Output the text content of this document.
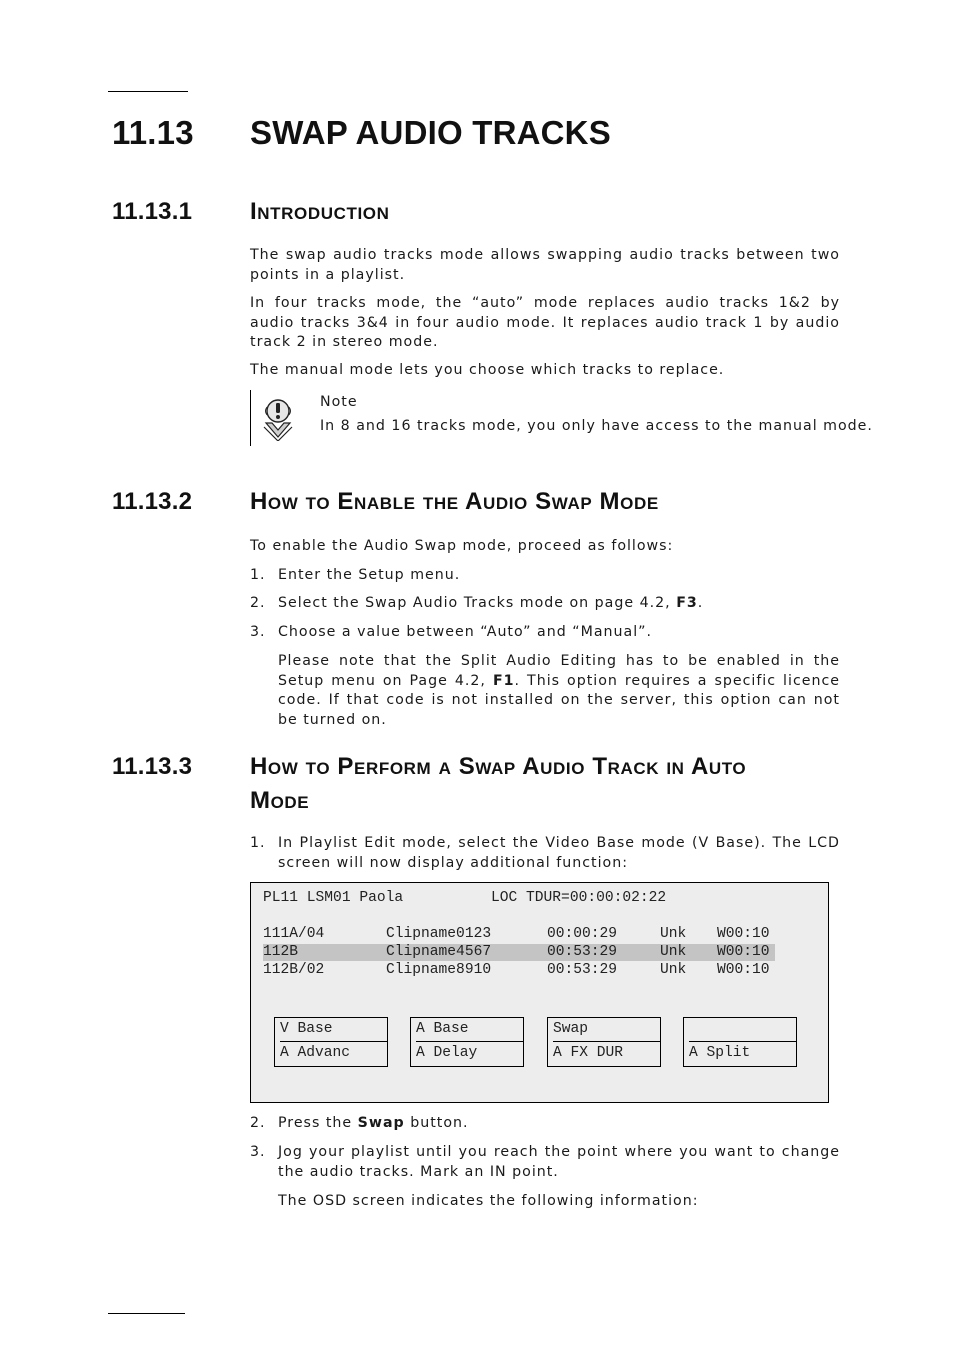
11.13 SWAP AUDIO TRACKS
11.13.1 Introduction

The swap audio tracks mode allows swapping audio tracks between two points in a playlist.

In four tracks mode, the “auto” mode replaces audio tracks 1&2 by audio tracks 3&4 in four audio mode. It replaces audio track 1 by audio track 2 in stereo mode.

The manual mode lets you choose which tracks to replace.

Note
In 8 and 16 tracks mode, you only have access to the manual mode.
11.13.2 How to Enable the Audio Swap Mode

To enable the Audio Swap mode, proceed as follows:

1. Enter the Setup menu.
2. Select the Swap Audio Tracks mode on page 4.2, F3.
3. Choose a value between “Auto” and “Manual”.
Please note that the Split Audio Editing has to be enabled in the Setup menu on Page 4.2, F1. This option requires a specific licence code. If that code is not installed on the server, this option can not be turned on.
11.13.3 How to Perform a Swap Audio Track in Auto
Mode
1. In Playlist Edit mode, select the Video Base mode (V Base). The LCD screen will now display additional function:
PL11 LSM01 Paola	LOC TDUR=00:00:02:22
111A/04	Clipname0123	00:00:29	Unk W00:10
112B	Clipname4567	00:53:29	Unk W00:10
112B/02	Clipname8910	00:53:29	Unk W00:10
V Base
A Advanc
A Base
A Delay
Swap
A FX DUR	A Split
2. Press the Swap button.
3. Jog your playlist until you reach the point where you want to change the audio tracks. Mark an IN point.
The OSD screen indicates the following information:
